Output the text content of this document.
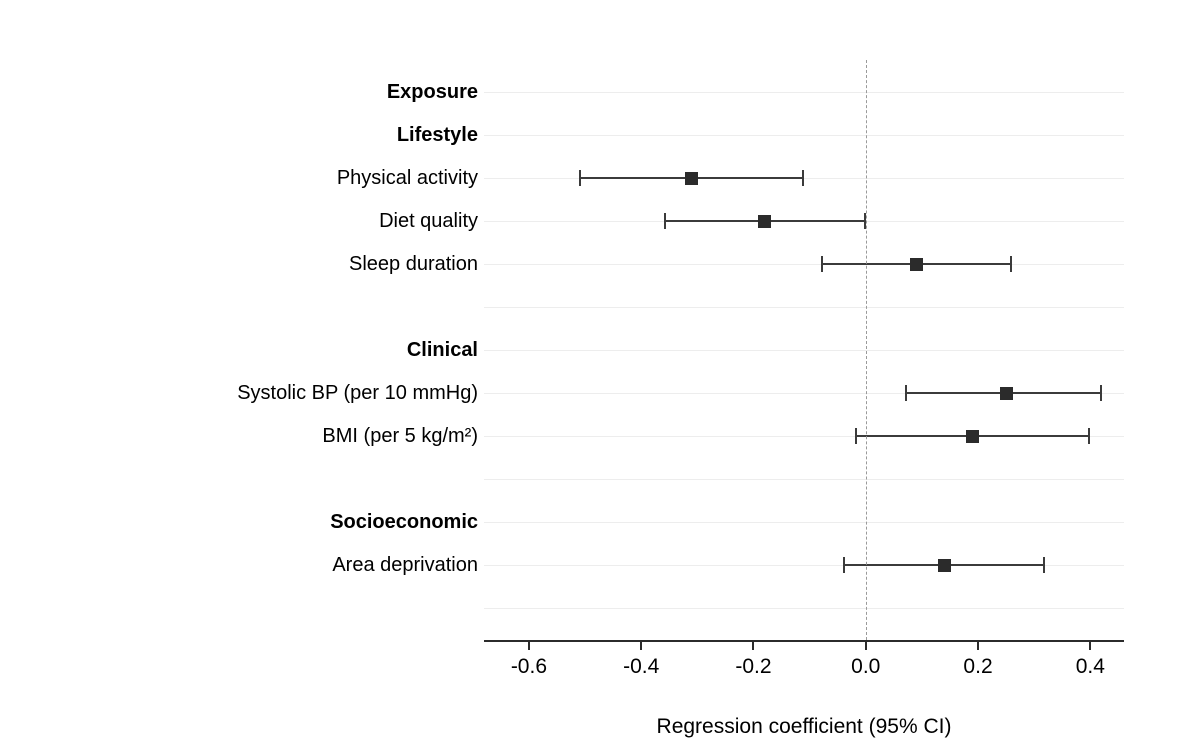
Regression coefficient (95% CI)
Exposure
Lifestyle
Physical activity
Diet quality
Sleep duration
Clinical
Systolic BP (per 10 mmHg)
BMI (per 5 kg/m²)
Socioeconomic
Area deprivation
-0.6	-0.4	-0.2	0.0	0.2	0.4
